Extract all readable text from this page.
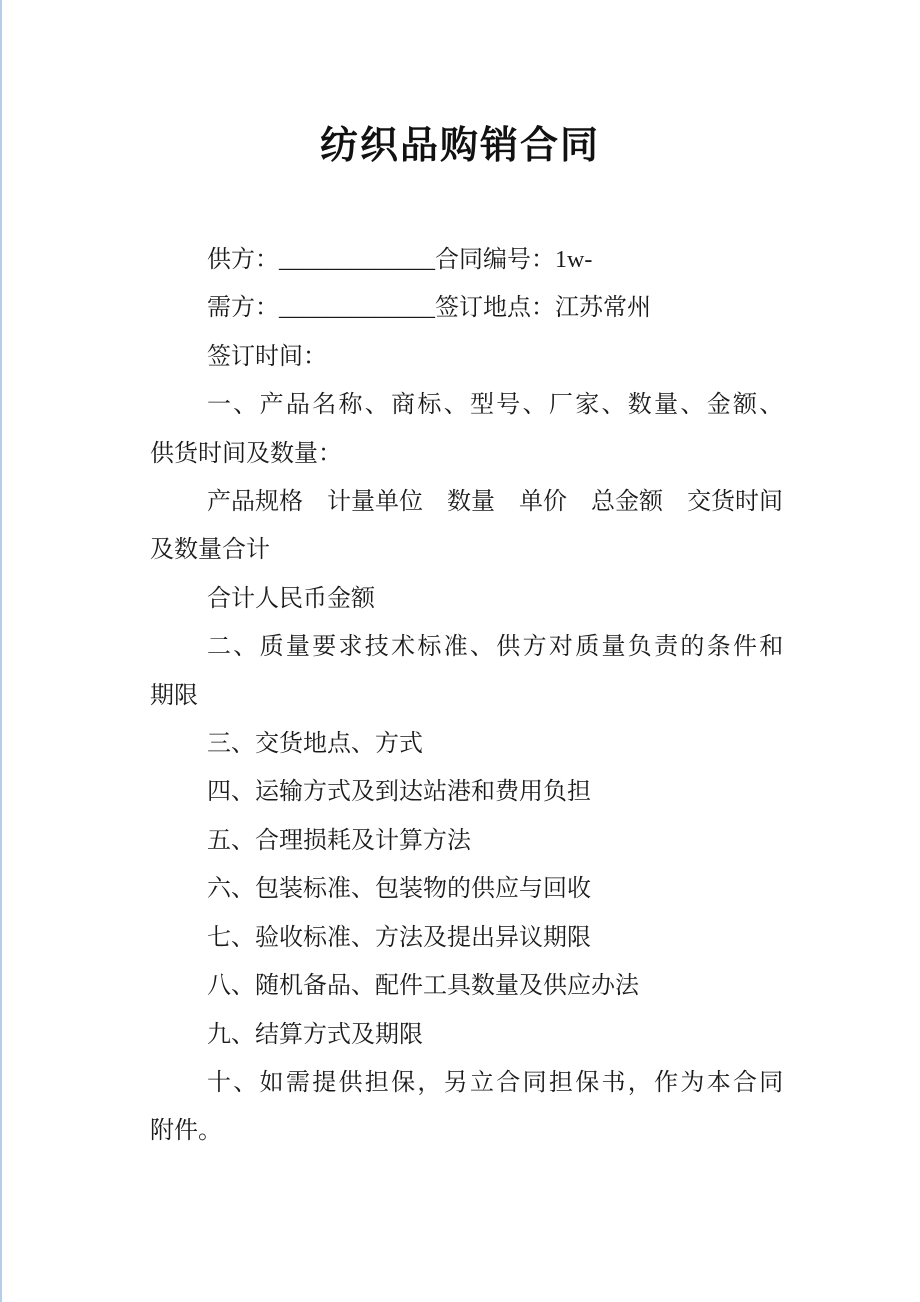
纺织品购销合同
供方：_____________合同编号：1w-
需方：_____________签订地点：江苏常州
签订时间：
一、产品名称、商标、型号、厂家、数量、金额、
供货时间及数量：
产品规格　计量单位　数量　单价　总金额　交货时间
及数量合计
合计人民币金额
二、质量要求技术标准、供方对质量负责的条件和
期限
三、交货地点、方式
四、运输方式及到达站港和费用负担
五、合理损耗及计算方法
六、包装标准、包装物的供应与回收
七、验收标准、方法及提出异议期限
八、随机备品、配件工具数量及供应办法
九、结算方式及期限
十、如需提供担保，另立合同担保书，作为本合同
附件。
